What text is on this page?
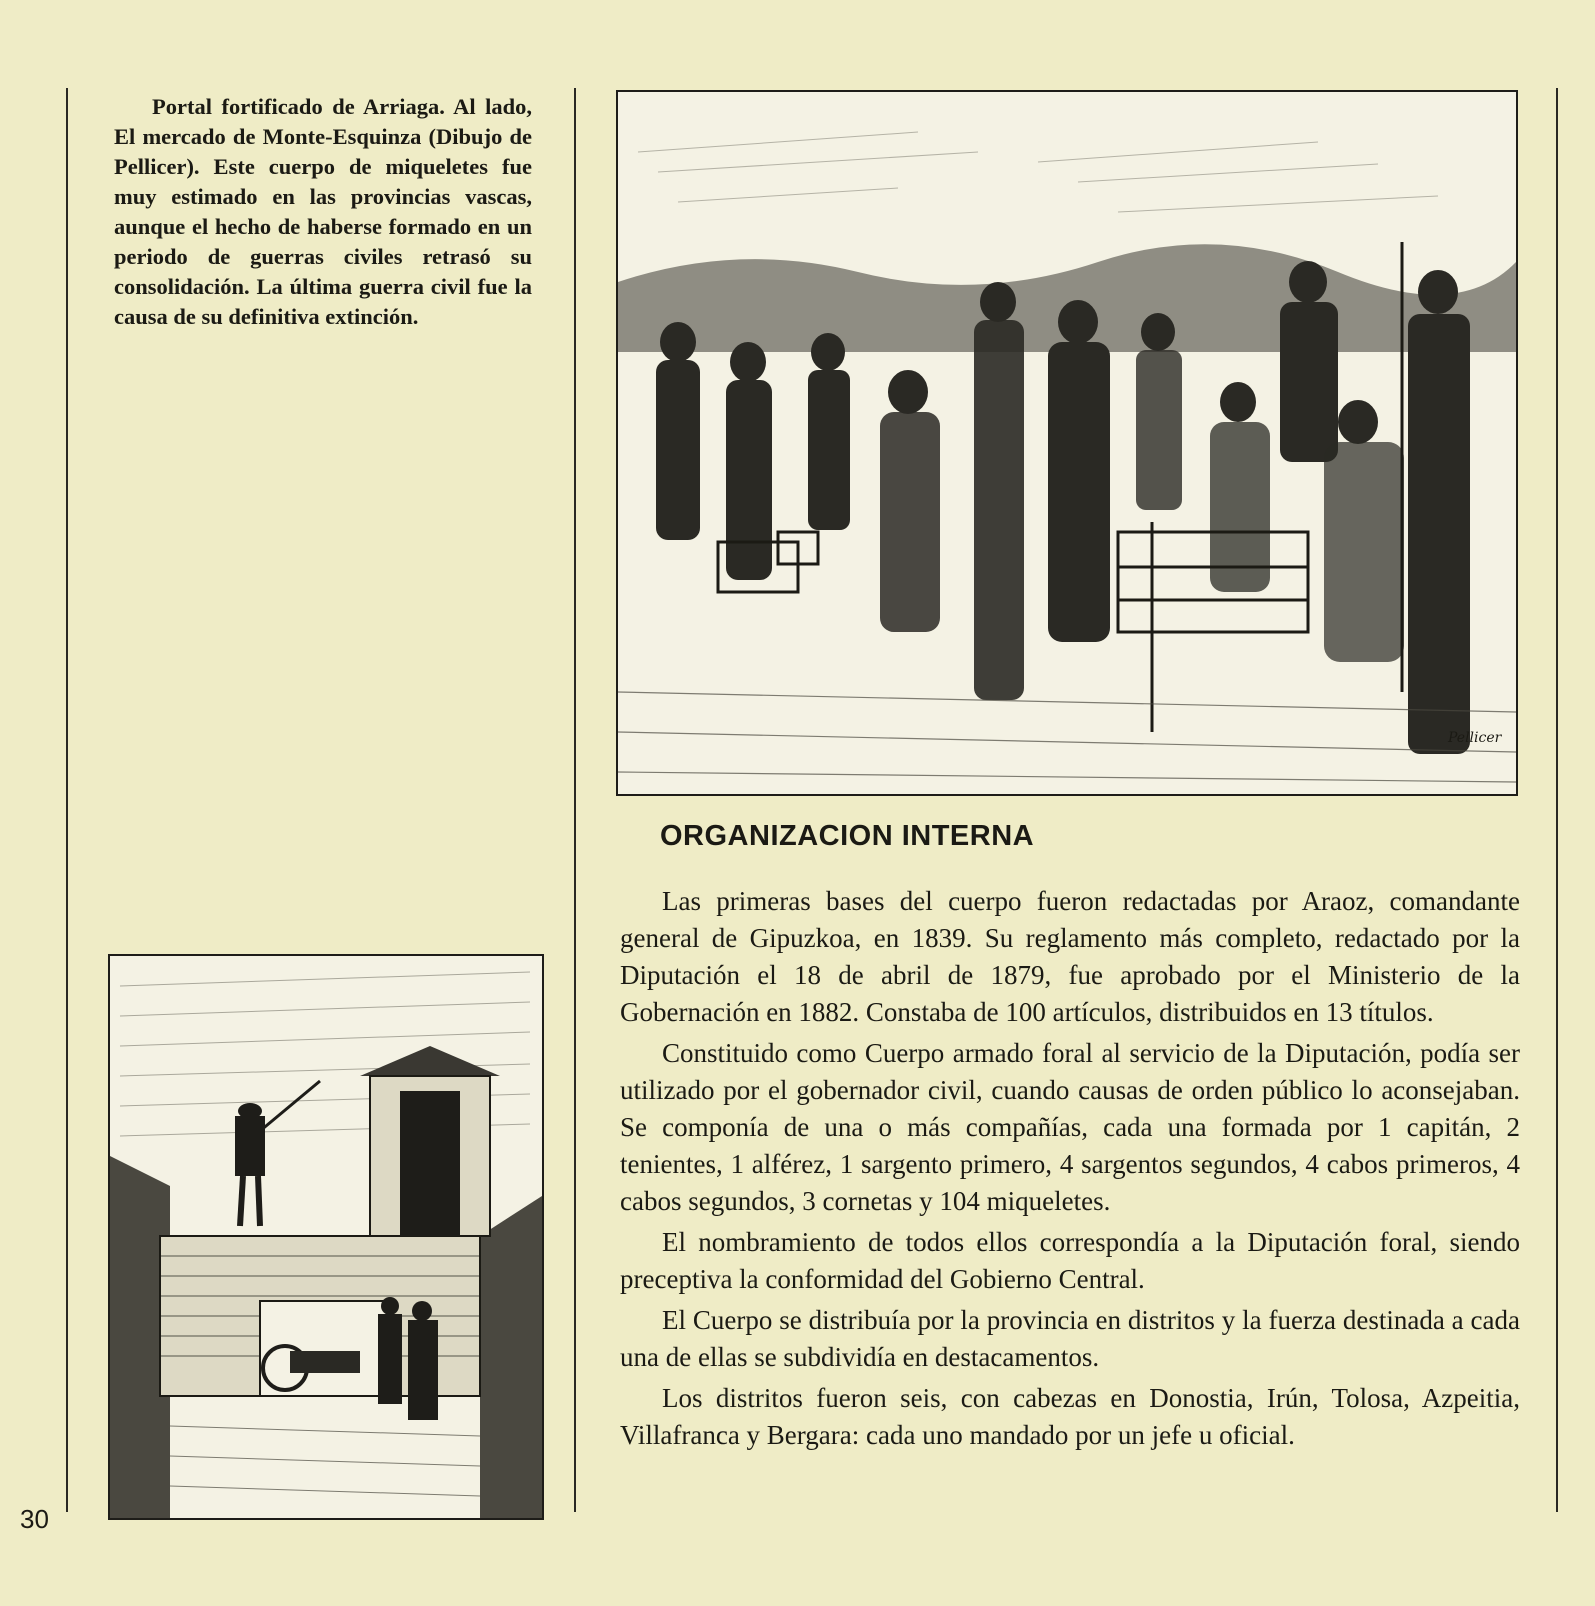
Portal fortificado de Arriaga. Al lado, El mercado de Monte-Esquinza (Dibujo de Pellicer). Este cuerpo de miqueletes fue muy estimado en las provincias vascas, aunque el hecho de haberse formado en un periodo de guerras civiles retrasó su consolidación. La última guerra civil fue la causa de su definitiva extinción.

Pellicer
ORGANIZACION INTERNA

Las primeras bases del cuerpo fueron redactadas por Araoz, comandante general de Gipuzkoa, en 1839. Su reglamento más completo, redactado por la Diputación el 18 de abril de 1879, fue aprobado por el Ministerio de la Gobernación en 1882. Constaba de 100 artículos, distribuidos en 13 títulos.

Constituido como Cuerpo armado foral al servicio de la Diputación, podía ser utilizado por el gobernador civil, cuando causas de orden público lo aconsejaban. Se componía de una o más compañías, cada una formada por 1 capitán, 2 tenientes, 1 alférez, 1 sargento primero, 4 sargentos segundos, 4 cabos primeros, 4 cabos segundos, 3 cornetas y 104 miqueletes.

El nombramiento de todos ellos correspondía a la Diputación foral, siendo preceptiva la conformidad del Gobierno Central.

El Cuerpo se distribuía por la provincia en distritos y la fuerza destinada a cada una de ellas se subdividía en destacamentos.

Los distritos fueron seis, con cabezas en Donostia, Irún, Tolosa, Azpeitia, Villafranca y Bergara: cada uno mandado por un jefe u oficial.

30
